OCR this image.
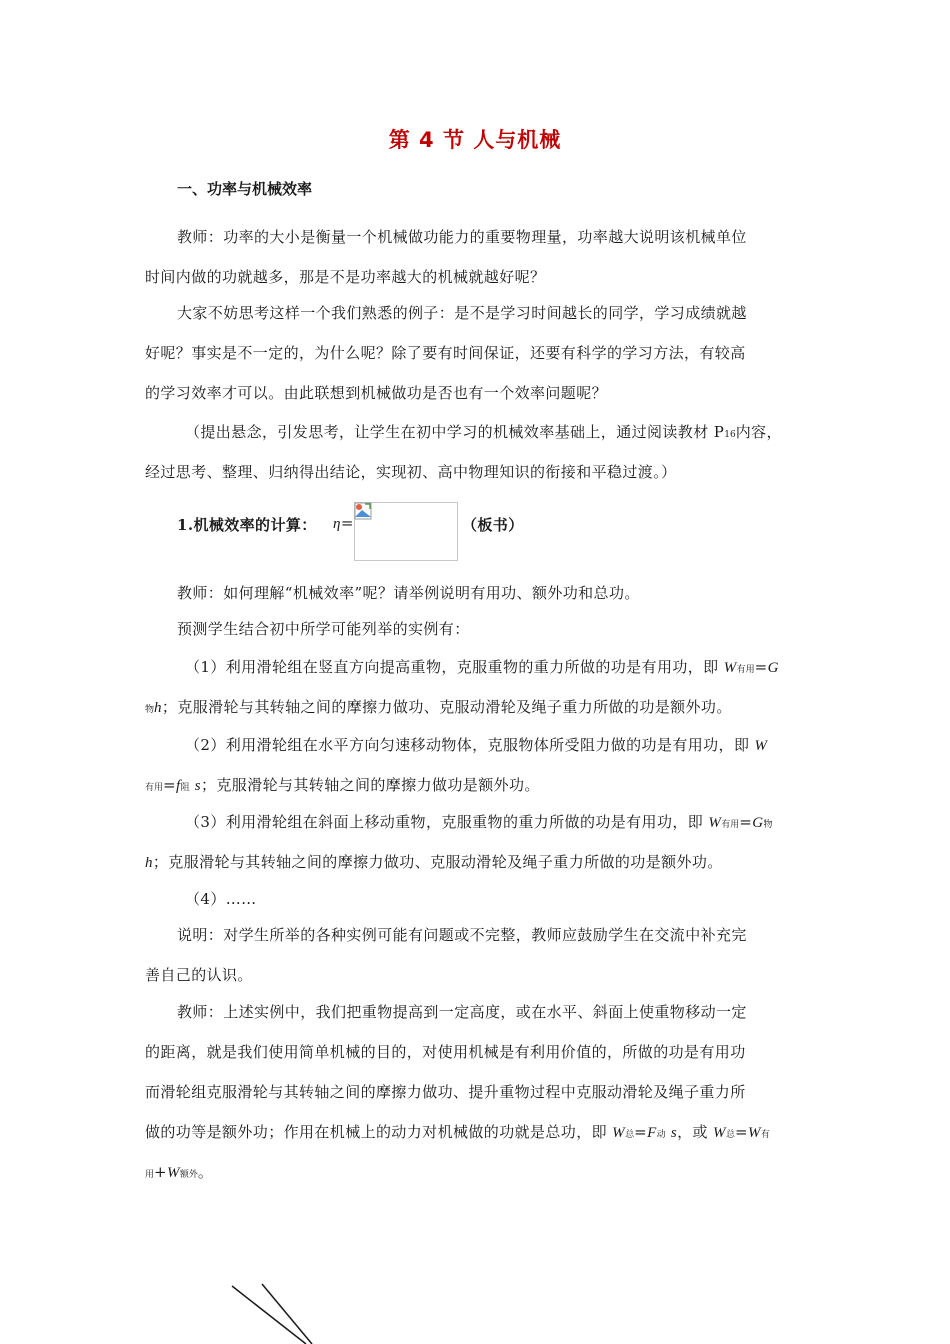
第 4 节 人与机械
一、功率与机械效率
教师：功率的大小是衡量一个机械做功能力的重要物理量，功率越大说明该机械单位
时间内做的功就越多，那是不是功率越大的机械就越好呢？
大家不妨思考这样一个我们熟悉的例子：是不是学习时间越长的同学，学习成绩就越
好呢？事实是不一定的，为什么呢？除了要有时间保证，还要有科学的学习方法，有较高
的学习效率才可以。由此联想到机械做功是否也有一个效率问题呢？
（提出悬念，引发思考，让学生在初中学习的机械效率基础上，通过阅读教材 P16内容，
经过思考、整理、归纳得出结论，实现初、高中物理知识的衔接和平稳过渡。）
1.机械效率的计算： η=	（板书）
教师：如何理解“机械效率”呢？请举例说明有用功、额外功和总功。
预测学生结合初中所学可能列举的实例有：
（1）利用滑轮组在竖直方向提高重物，克服重物的重力所做的功是有用功，即 W有用=G
物h；克服滑轮与其转轴之间的摩擦力做功、克服动滑轮及绳子重力所做的功是额外功。
（2）利用滑轮组在水平方向匀速移动物体，克服物体所受阻力做的功是有用功，即 W
有用=f阻 s；克服滑轮与其转轴之间的摩擦力做功是额外功。
（3）利用滑轮组在斜面上移动重物，克服重物的重力所做的功是有用功，即 W有用=G物
h；克服滑轮与其转轴之间的摩擦力做功、克服动滑轮及绳子重力所做的功是额外功。
（4）……
说明：对学生所举的各种实例可能有问题或不完整，教师应鼓励学生在交流中补充完
善自己的认识。
教师：上述实例中，我们把重物提高到一定高度，或在水平、斜面上使重物移动一定
的距离，就是我们使用简单机械的目的，对使用机械是有利用价值的，所做的功是有用功
而滑轮组克服滑轮与其转轴之间的摩擦力做功、提升重物过程中克服动滑轮及绳子重力所
做的功等是额外功；作用在机械上的动力对机械做的功就是总功，即 W总=F动 s，或 W总=W有
用+W额外。
